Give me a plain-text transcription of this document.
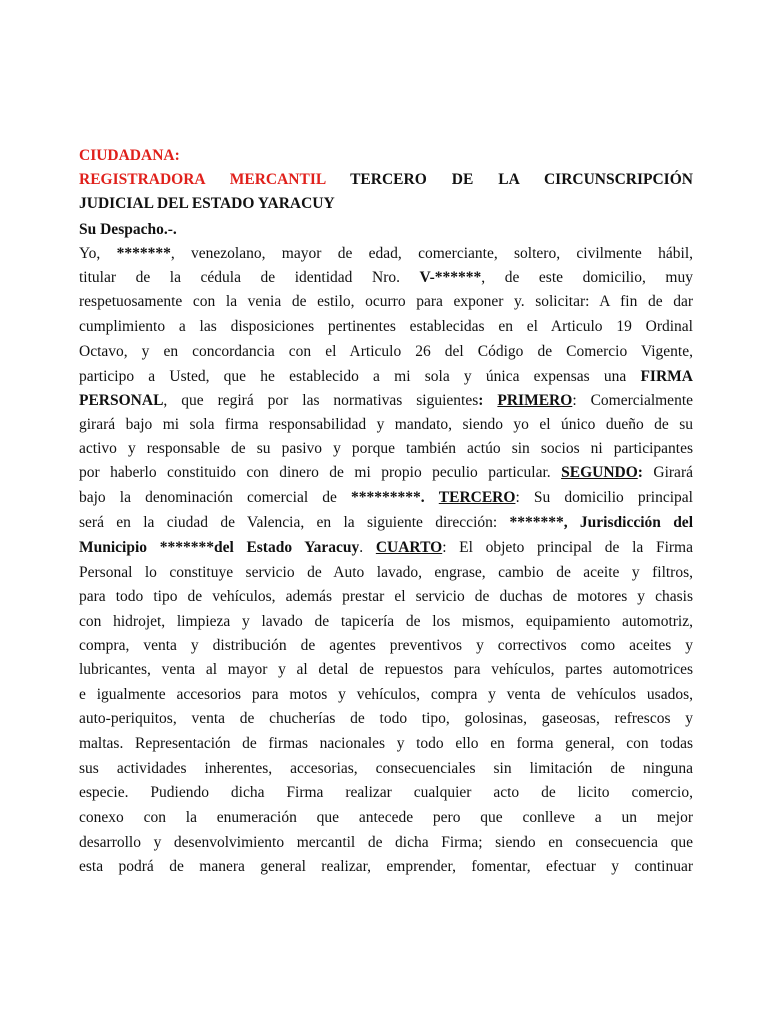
CIUDADANA:
REGISTRADORA MERCANTIL TERCERO DE LA CIRCUNSCRIPCIÓN
JUDICIAL DEL ESTADO YARACUY
Su Despacho.-.
Yo, *******, venezolano, mayor de edad, comerciante, soltero, civilmente hábil,
titular de la cédula de identidad Nro. V-******, de este domicilio, muy
respetuosamente con la venia de estilo, ocurro para exponer y. solicitar: A fin de dar
cumplimiento a las disposiciones pertinentes establecidas en el Articulo 19 Ordinal
Octavo, y en concordancia con el Articulo 26 del Código de Comercio Vigente,
participo a Usted, que he establecido a mi sola y única expensas una FIRMA
PERSONAL, que regirá por las normativas siguientes: PRIMERO: Comercialmente
girará bajo mi sola firma responsabilidad y mandato, siendo yo el único dueño de su
activo y responsable de su pasivo y porque también actúo sin socios ni participantes
por haberlo constituido con dinero de mi propio peculio particular. SEGUNDO: Girará
bajo la denominación comercial de *********. TERCERO: Su domicilio principal
será en la ciudad de Valencia, en la siguiente dirección: *******, Jurisdicción del
Municipio *******del Estado Yaracuy. CUARTO: El objeto principal de la Firma
Personal lo constituye servicio de Auto lavado, engrase, cambio de aceite y filtros,
para todo tipo de vehículos, además prestar el servicio de duchas de motores y chasis
con hidrojet, limpieza y lavado de tapicería de los mismos, equipamiento automotriz,
compra, venta y distribución de agentes preventivos y correctivos como aceites y
lubricantes, venta al mayor y al detal de repuestos para vehículos, partes automotrices
e igualmente accesorios para motos y vehículos, compra y venta de vehículos usados,
auto-periquitos, venta de chucherías de todo tipo, golosinas, gaseosas, refrescos y
maltas. Representación de firmas nacionales y todo ello en forma general, con todas
sus actividades inherentes, accesorias, consecuenciales sin limitación de ninguna
especie. Pudiendo dicha Firma realizar cualquier acto de licito comercio,
conexo con la enumeración que antecede pero que conlleve a un mejor
desarrollo y desenvolvimiento mercantil de dicha Firma; siendo en consecuencia que
esta podrá de manera general realizar, emprender, fomentar, efectuar y continuar
